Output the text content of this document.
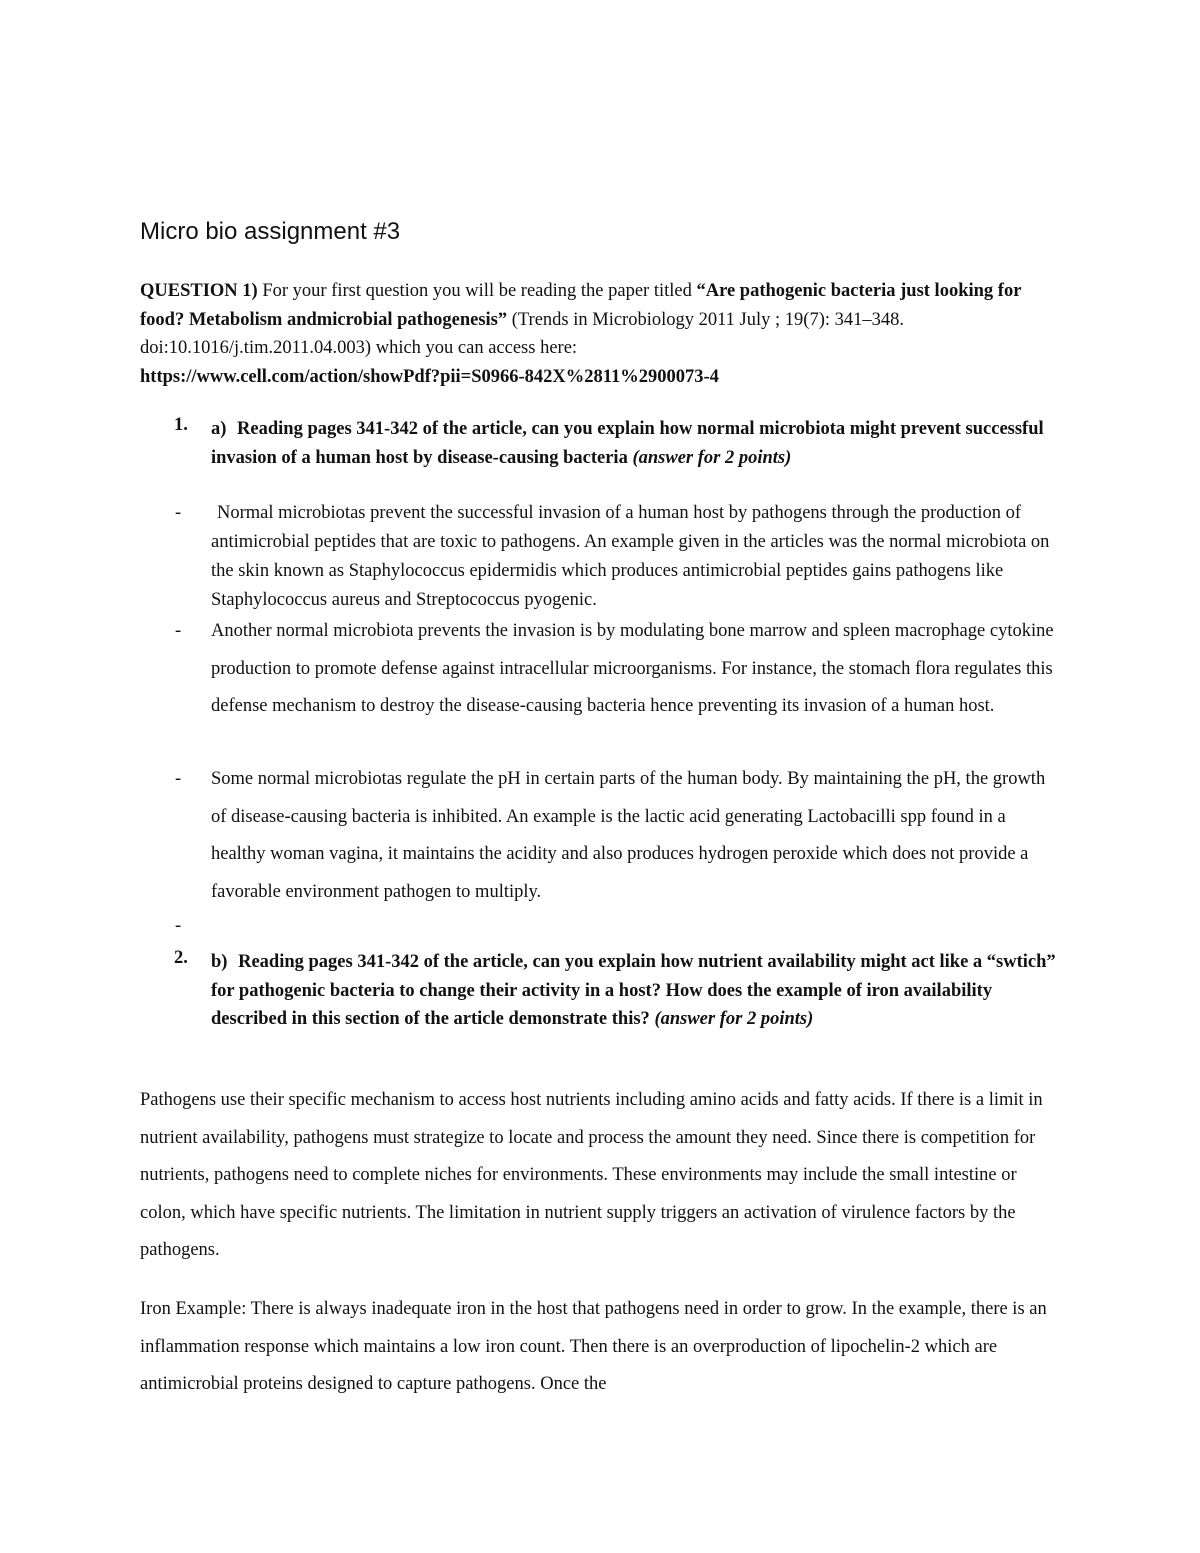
Micro bio assignment #3

QUESTION 1) For your first question you will be reading the paper titled “Are pathogenic bacteria just looking for food? Metabolism andmicrobial pathogenesis” (Trends in Microbiology 2011 July ; 19(7): 341–348. doi:10.1016/j.tim.2011.04.003) which you can access here:
https://www.cell.com/action/showPdf?pii=S0966-842X%2811%2900073-4

1. a) Reading pages 341-342 of the article, can you explain how normal microbiota might prevent successful invasion of a human host by disease-causing bacteria (answer for 2 points)
-	Normal microbiotas prevent the successful invasion of a human host by pathogens through the production of antimicrobial peptides that are toxic to pathogens. An example given in the articles was the normal microbiota on the skin known as Staphylococcus epidermidis which produces antimicrobial peptides gains pathogens like Staphylococcus aureus and Streptococcus pyogenic.
- Another normal microbiota prevents the invasion is by modulating bone marrow and spleen macrophage cytokine production to promote defense against intracellular microorganisms. For instance, the stomach flora regulates this defense mechanism to destroy the disease-causing bacteria hence preventing its invasion of a human host.
- Some normal microbiotas regulate the pH in certain parts of the human body. By maintaining the pH, the growth of disease-causing bacteria is inhibited. An example is the lactic acid generating Lactobacilli spp found in a healthy woman vagina, it maintains the acidity and also produces hydrogen peroxide which does not provide a favorable environment pathogen to multiply.
-
2. b) Reading pages 341-342 of the article, can you explain how nutrient availability might act like a “swtich” for pathogenic bacteria to change their activity in a host? How does the example of iron availability described in this section of the article demonstrate this? (answer for 2 points)

Pathogens use their specific mechanism to access host nutrients including amino acids and fatty acids. If there is a limit in nutrient availability, pathogens must strategize to locate and process the amount they need. Since there is competition for nutrients, pathogens need to complete niches for environments. These environments may include the small intestine or colon, which have specific nutrients. The limitation in nutrient supply triggers an activation of virulence factors by the pathogens.

Iron Example: There is always inadequate iron in the host that pathogens need in order to grow. In the example, there is an inflammation response which maintains a low iron count. Then there is an overproduction of lipochelin-2 which are antimicrobial proteins designed to capture pathogens. Once the
